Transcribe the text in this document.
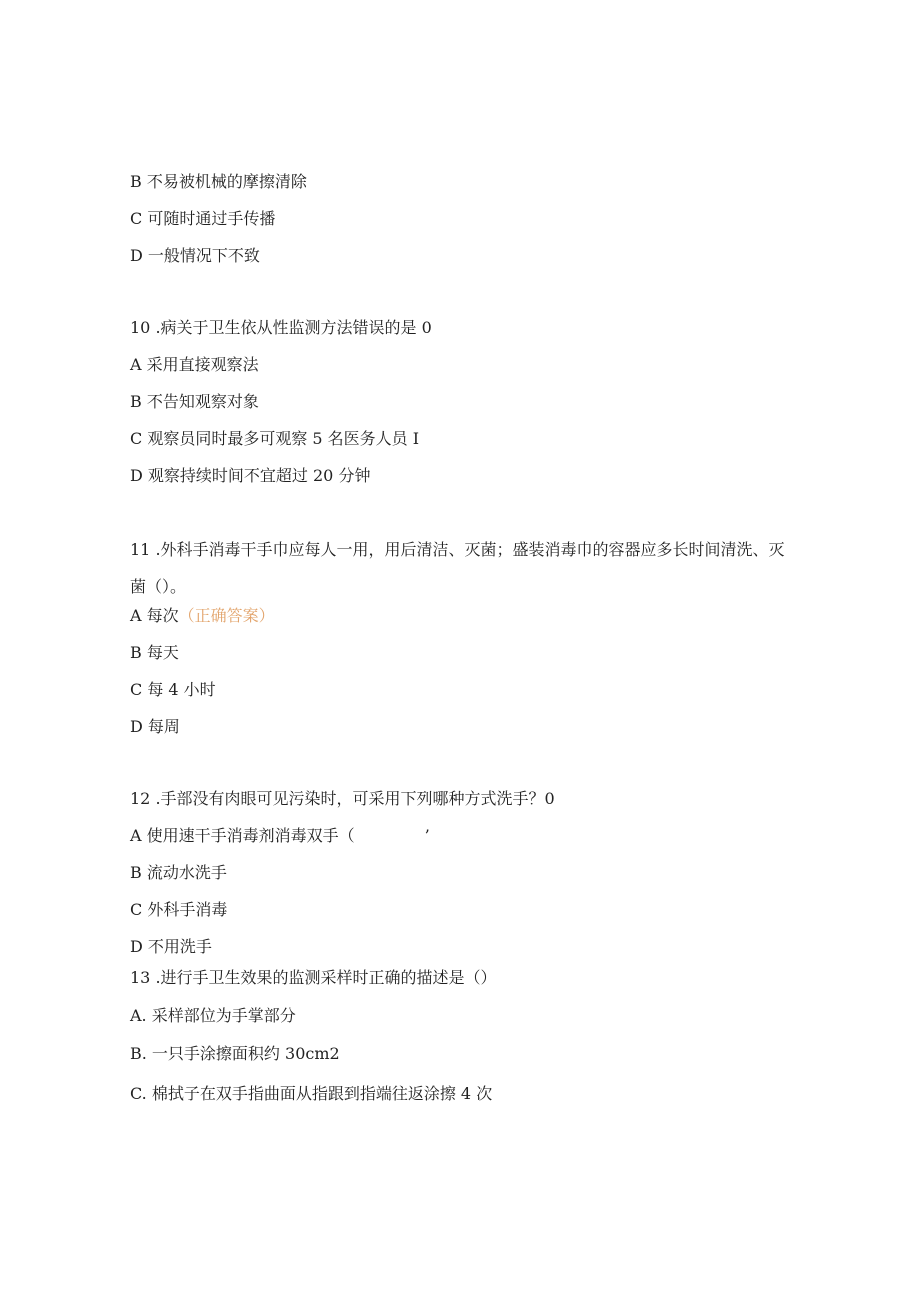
B 不易被机械的摩擦清除
C 可随时通过手传播
D 一般情况下不致
10 .病关于卫生依从性监测方法错误的是 0
A 采用直接观察法
B 不告知观察对象
C 观察员同时最多可观察 5 名医务人员 I
D 观察持续时间不宜超过 20 分钟
11 .外科手消毒干手巾应每人一用，用后清洁、灭菌；盛装消毒巾的容器应多长时间清洗、灭菌（）。
A 每次（正确答案）
B 每天
C 每 4 小时
D 每周
12 .手部没有肉眼可见污染时，可采用下列哪种方式洗手？0
A 使用速干手消毒剂消毒双手（	’
B 流动水洗手
C 外科手消毒
D 不用洗手
13 .进行手卫生效果的监测采样时正确的描述是（）
A. 采样部位为手掌部分
B. 一只手涂擦面积约 30cm2
C. 棉拭子在双手指曲面从指跟到指端往返涂擦 4 次
